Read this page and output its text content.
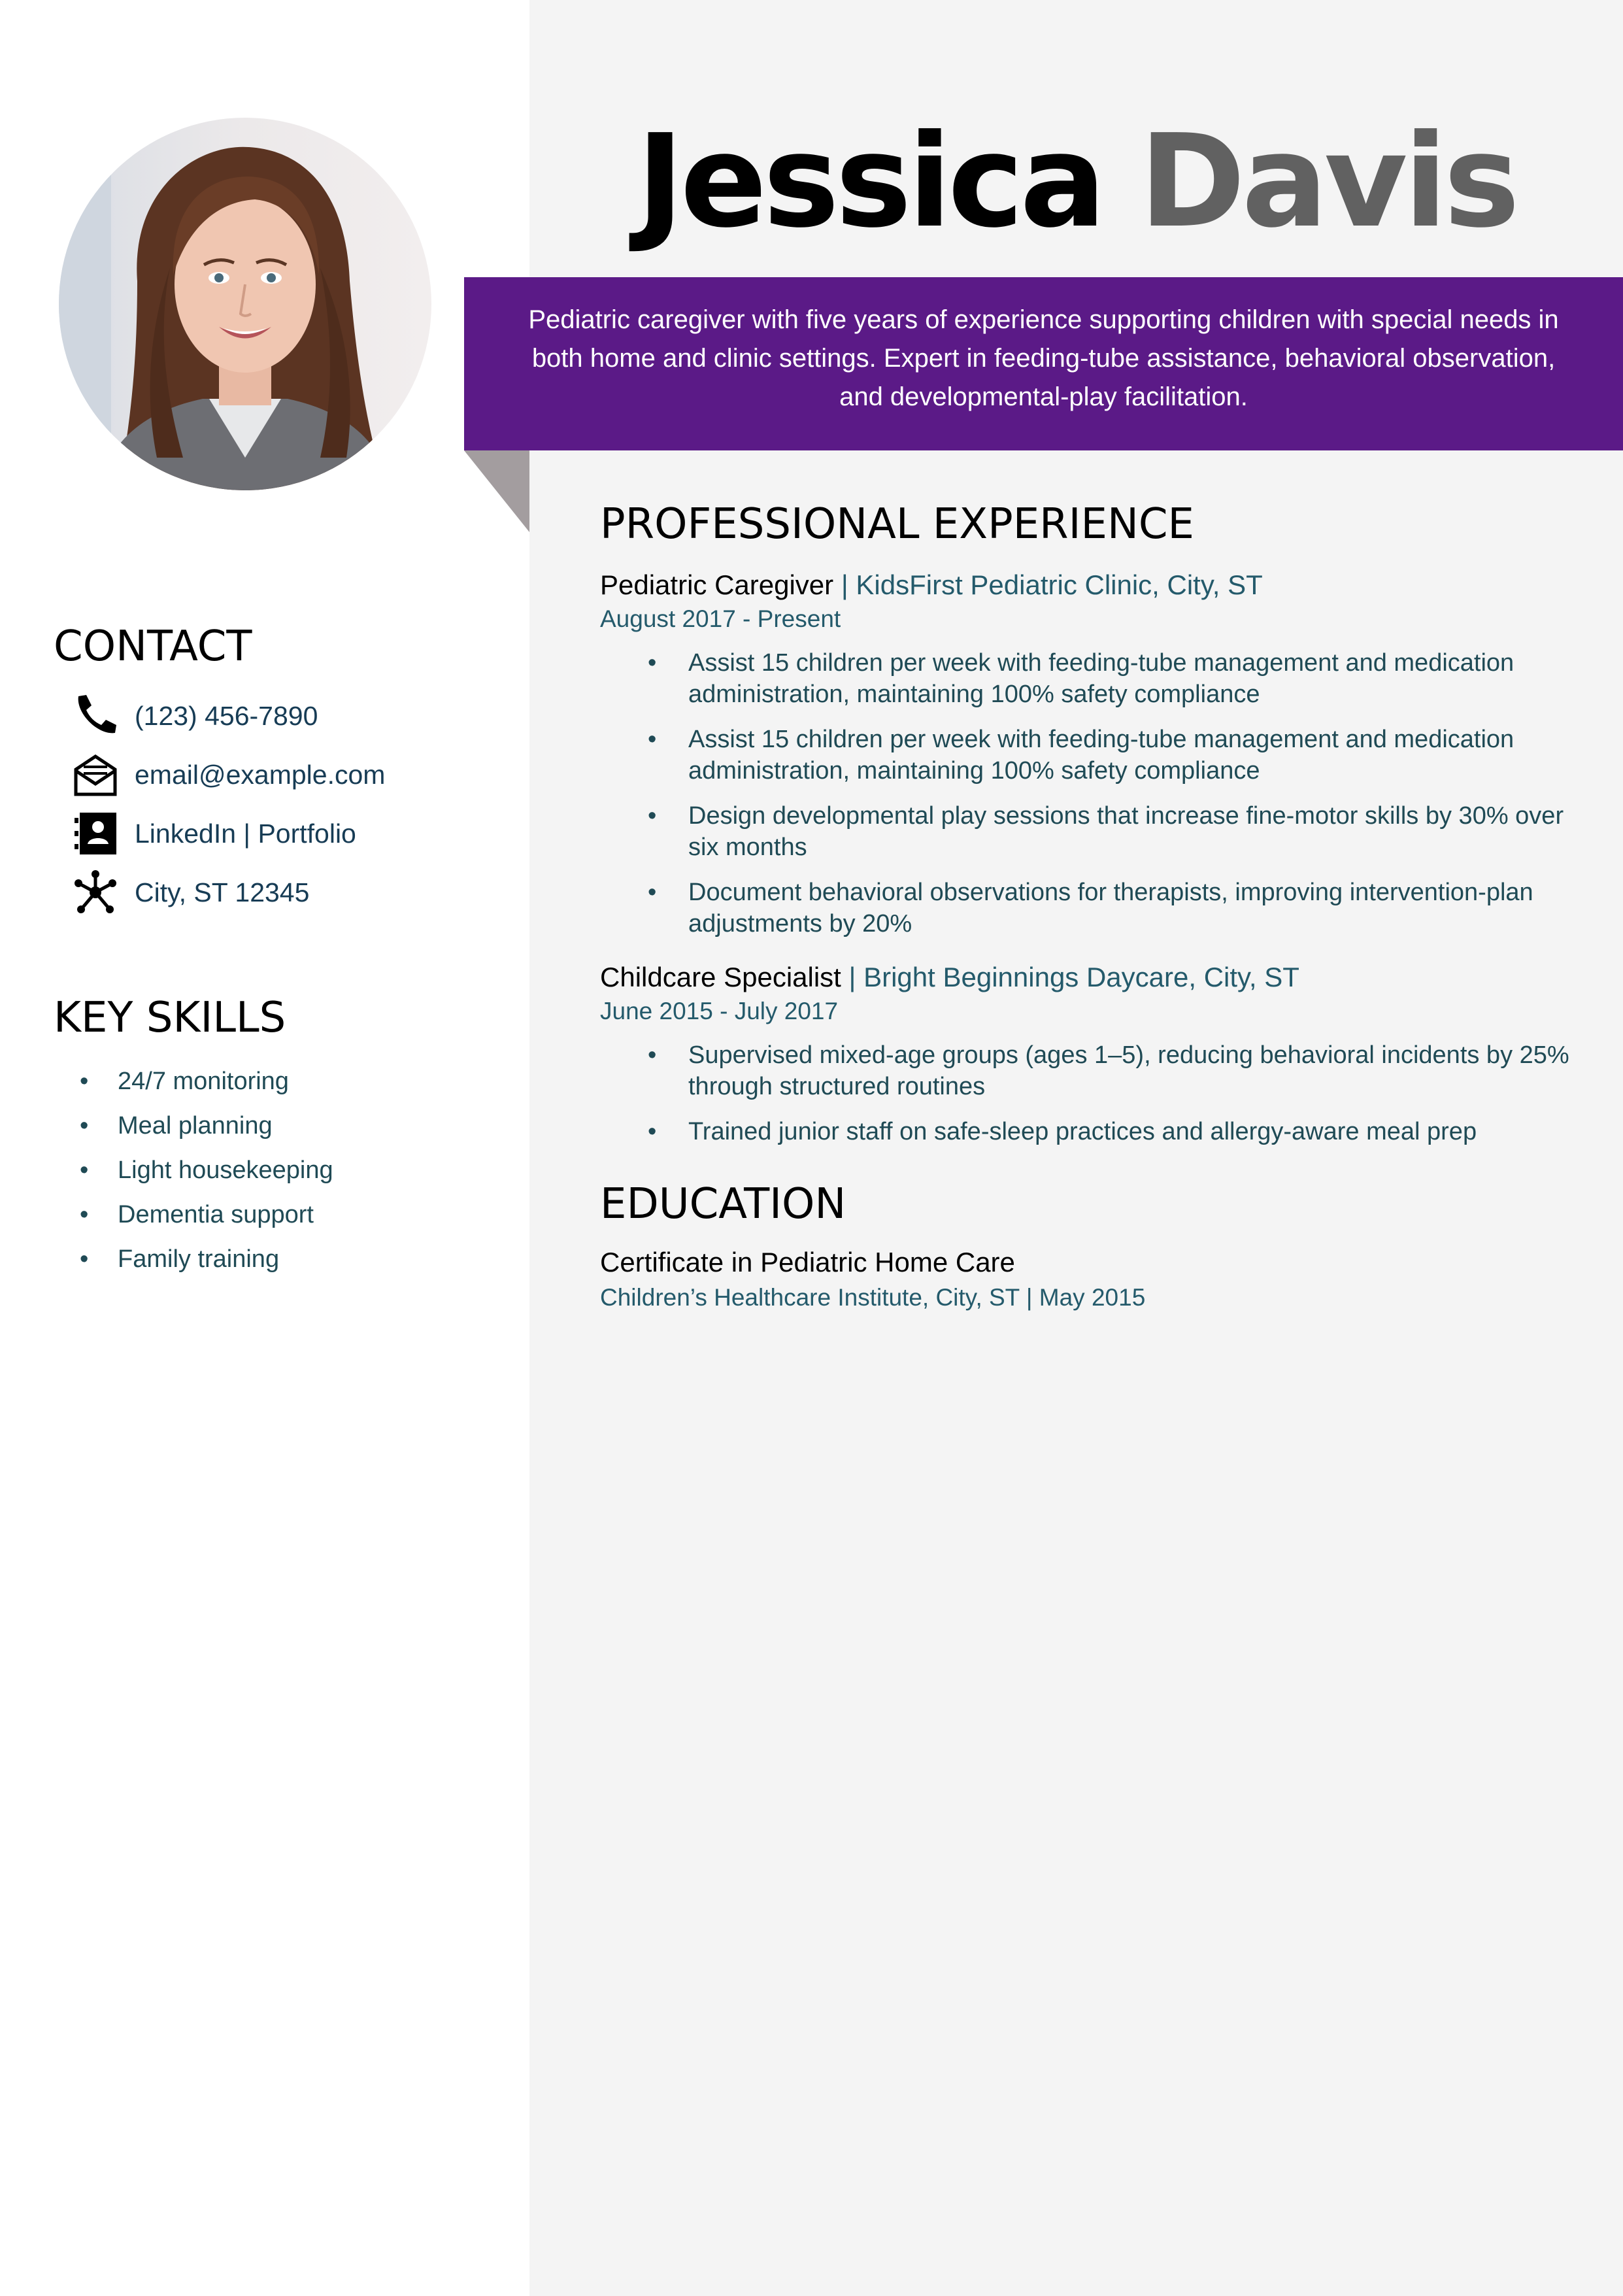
Jessica Davis
Pediatric caregiver with five years of experience supporting children with special needs in both home and clinic settings. Expert in feeding-tube assistance, behavioral observation, and developmental-play facilitation.
CONTACT
(123) 456-7890
email@example.com
LinkedIn | Portfolio
City, ST 12345
KEY SKILLS
• 24/7 monitoring
• Meal planning
• Light housekeeping
• Dementia support
• Family training
PROFESSIONAL EXPERIENCE
Pediatric Caregiver | KidsFirst Pediatric Clinic, City, ST
August 2017 - Present
• Assist 15 children per week with feeding-tube management and medication administration, maintaining 100% safety compliance
• Assist 15 children per week with feeding-tube management and medication administration, maintaining 100% safety compliance
• Design developmental play sessions that increase fine-motor skills by 30% over six months
• Document behavioral observations for therapists, improving intervention-plan adjustments by 20%
Childcare Specialist | Bright Beginnings Daycare, City, ST
June 2015 - July 2017
• Supervised mixed-age groups (ages 1–5), reducing behavioral incidents by 25% through structured routines
• Trained junior staff on safe-sleep practices and allergy-aware meal prep
EDUCATION
Certificate in Pediatric Home Care
Children’s Healthcare Institute, City, ST | May 2015
